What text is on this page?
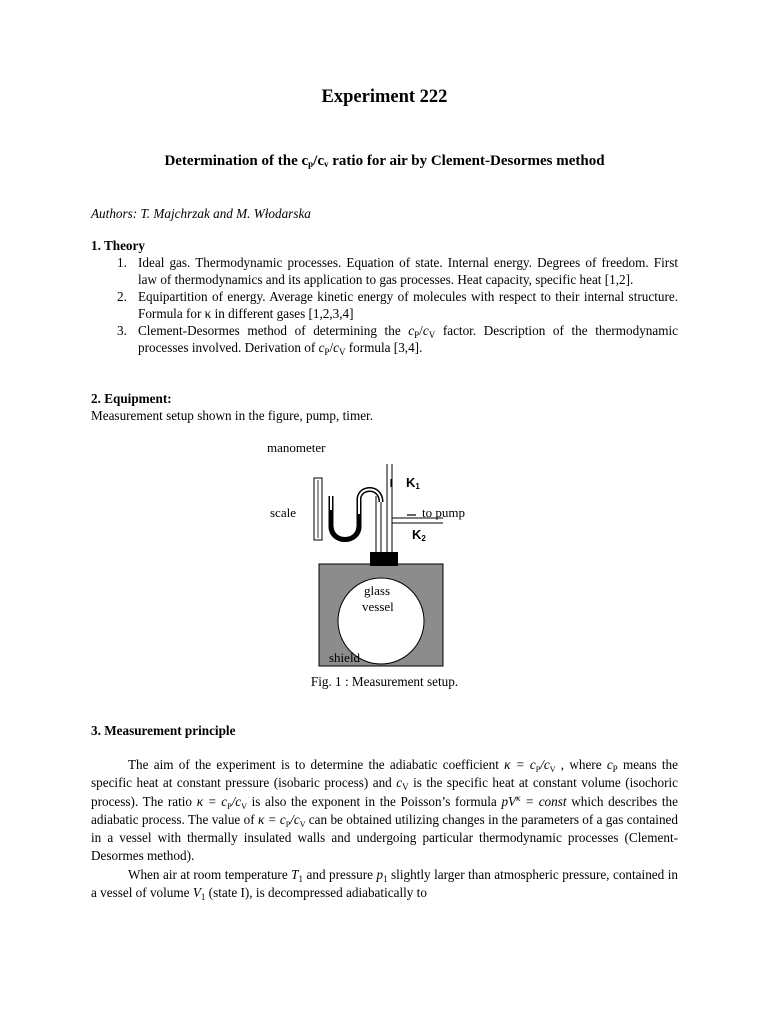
Experiment 222
Determination of the $c_p/c_v$ ratio for air by Clement-Desormes method
Authors: T. Majchrzak and M. Włodarska
1. Theory
1. Ideal gas. Thermodynamic processes. Equation of state. Internal energy. Degrees of freedom. First law of thermodynamics and its application to gas processes. Heat capacity, specific heat [1,2].
2. Equipartition of energy. Average kinetic energy of molecules with respect to their internal structure. Formula for κ in different gases [1,2,3,4]
3. Clement-Desormes method of determining the $c_P/c_V$ factor. Description of the thermodynamic processes involved. Derivation of $c_P/c_V$ formula [3,4].
2. Equipment:
Measurement setup shown in the figure, pump, timer.
manometer
$K_1$
scale	to pump
$K_2$
glass
vessel
shield
Fig. 1 : Measurement setup.
3. Measurement principle

The aim of the experiment is to determine the adiabatic coefficient $\kappa = c_P/c_V$ , where $c_P$ means the specific heat at constant pressure (isobaric process) and $c_V$ is the specific heat at constant volume (isochoric process). The ratio $\kappa = c_P/c_V$ is also the exponent in the Poisson’s formula $pV^\kappa$ = const which describes the adiabatic process. The value of $\kappa = c_P/c_V$ can be obtained utilizing changes in the parameters of a gas contained in a vessel with thermally insulated walls and undergoing particular thermodynamic processes (Clement-Desormes method).

When air at room temperature $T_1$ and pressure $p_1$ slightly larger than atmospheric pressure, contained in a vessel of volume $V_1$ (state I), is decompressed adiabatically to
